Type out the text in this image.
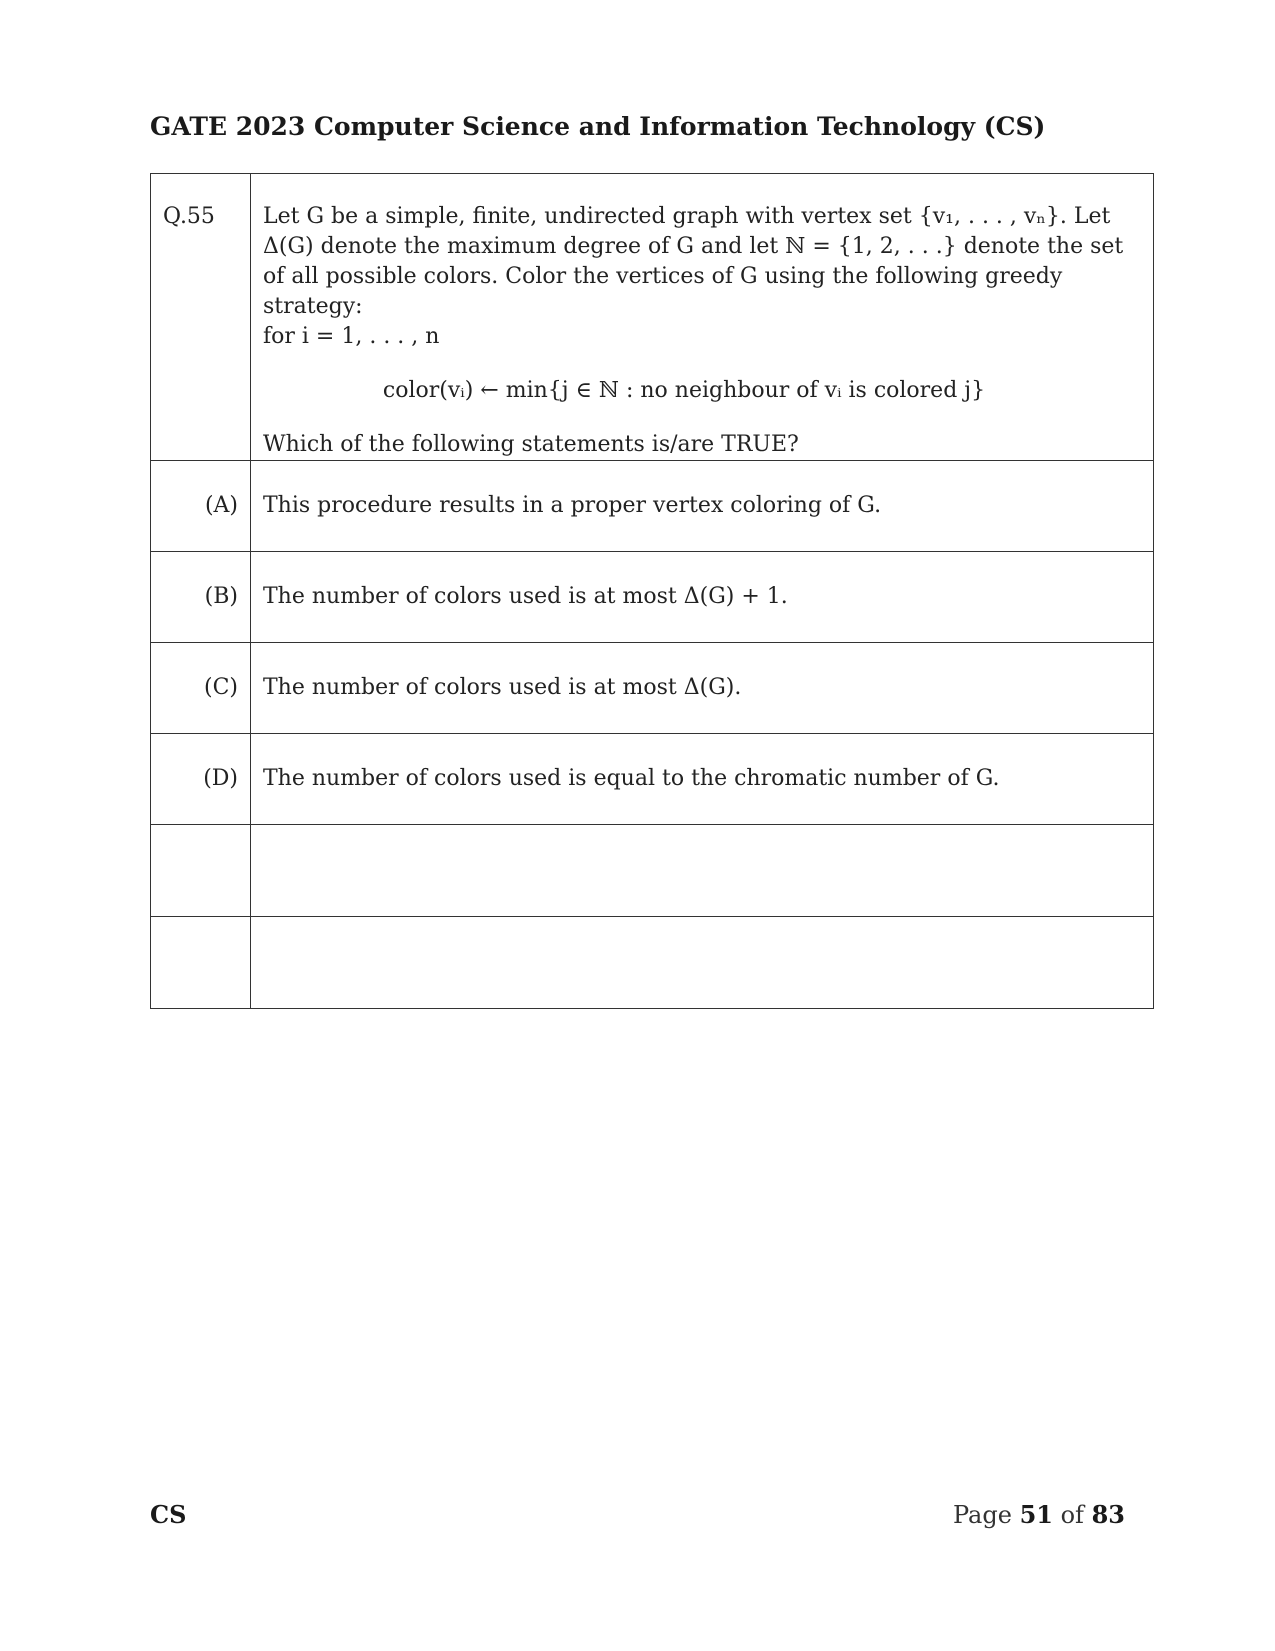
GATE 2023 Computer Science and Information Technology (CS)
Q.55	Let G be a simple, finite, undirected graph with vertex set {v₁, . . . , vₙ}. Let Δ(G) denote the maximum degree of G and let ℕ = {1, 2, . . .} denote the set of all possible colors. Color the vertices of G using the following greedy strategy:

for i = 1, . . . , n

color(vᵢ) ← min{j ∈ ℕ : no neighbour of vᵢ is colored j}

Which of the following statements is/are TRUE?

(A)	This procedure results in a proper vertex coloring of G.
(B)	The number of colors used is at most Δ(G) + 1.
(C)	The number of colors used is at most Δ(G).
(D)	The number of colors used is equal to the chromatic number of G.

CS	Page 51 of 83
